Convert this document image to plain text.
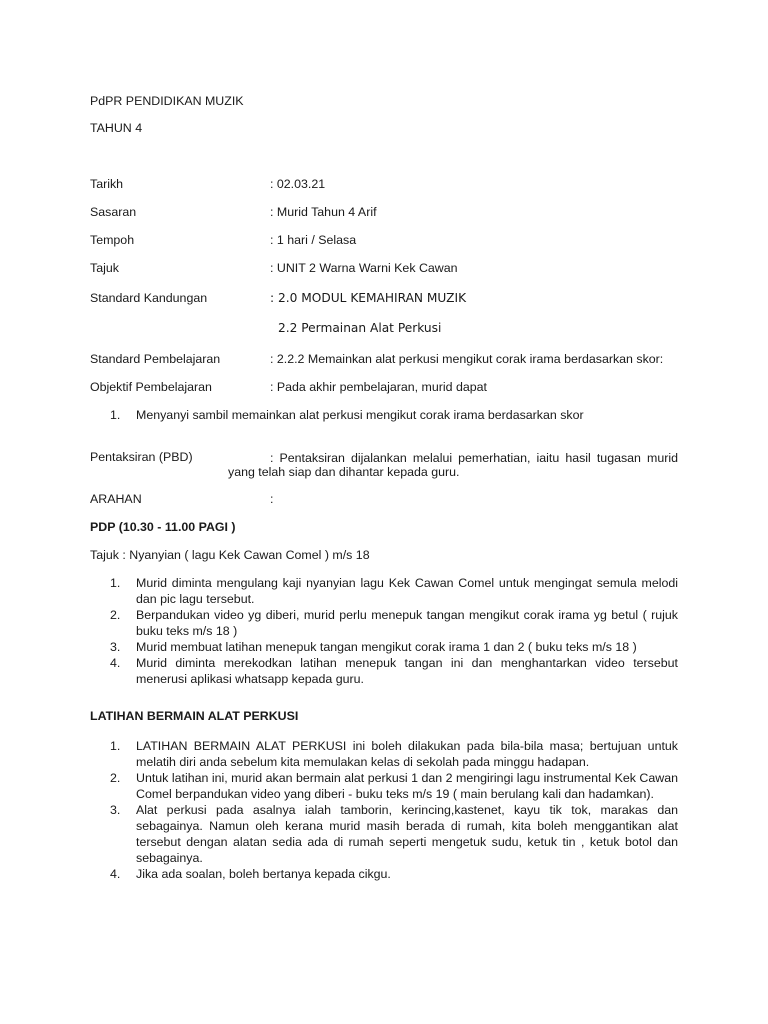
PdPR PENDIDIKAN MUZIK
TAHUN 4
Tarikh	: 02.03.21
Sasaran	: Murid Tahun 4 Arif
Tempoh	: 1 hari / Selasa
Tajuk	: UNIT 2 Warna Warni Kek Cawan
Standard Kandungan	: 2.0 MODUL KEMAHIRAN MUZIK
2.2 Permainan Alat Perkusi
Standard Pembelajaran	: 2.2.2 Memainkan alat perkusi mengikut corak irama berdasarkan skor:
Objektif Pembelajaran	: Pada akhir pembelajaran, murid dapat
1. Menyanyi sambil memainkan alat perkusi mengikut corak irama berdasarkan skor
Pentaksiran (PBD)	: Pentaksiran dijalankan melalui pemerhatian, iaitu hasil tugasan murid
yang telah siap dan dihantar kepada guru.
ARAHAN	:
PDP (10.30 - 11.00 PAGI )
Tajuk : Nyanyian ( lagu Kek Cawan Comel ) m/s 18
1. Murid diminta mengulang kaji nyanyian lagu Kek Cawan Comel untuk mengingat semula melodi dan pic lagu tersebut.
2. Berpandukan video yg diberi, murid perlu menepuk tangan mengikut corak irama yg betul ( rujuk buku teks m/s 18 )
3. Murid membuat latihan menepuk tangan mengikut corak irama 1 dan 2 ( buku teks m/s 18 )
4. Murid diminta merekodkan latihan menepuk tangan ini dan menghantarkan video tersebut menerusi aplikasi whatsapp kepada guru.
LATIHAN BERMAIN ALAT PERKUSI
1. LATIHAN BERMAIN ALAT PERKUSI ini boleh dilakukan pada bila-bila masa; bertujuan untuk melatih diri anda sebelum kita memulakan kelas di sekolah pada minggu hadapan.
2. Untuk latihan ini, murid akan bermain alat perkusi 1 dan 2 mengiringi lagu instrumental Kek Cawan Comel berpandukan video yang diberi - buku teks m/s 19 ( main berulang kali dan hadamkan).
3. Alat perkusi pada asalnya ialah tamborin, kerincing,kastenet, kayu tik tok, marakas dan sebagainya. Namun oleh kerana murid masih berada di rumah, kita boleh menggantikan alat tersebut dengan alatan sedia ada di rumah seperti mengetuk sudu, ketuk tin , ketuk botol dan sebagainya.
4. Jika ada soalan, boleh bertanya kepada cikgu.
